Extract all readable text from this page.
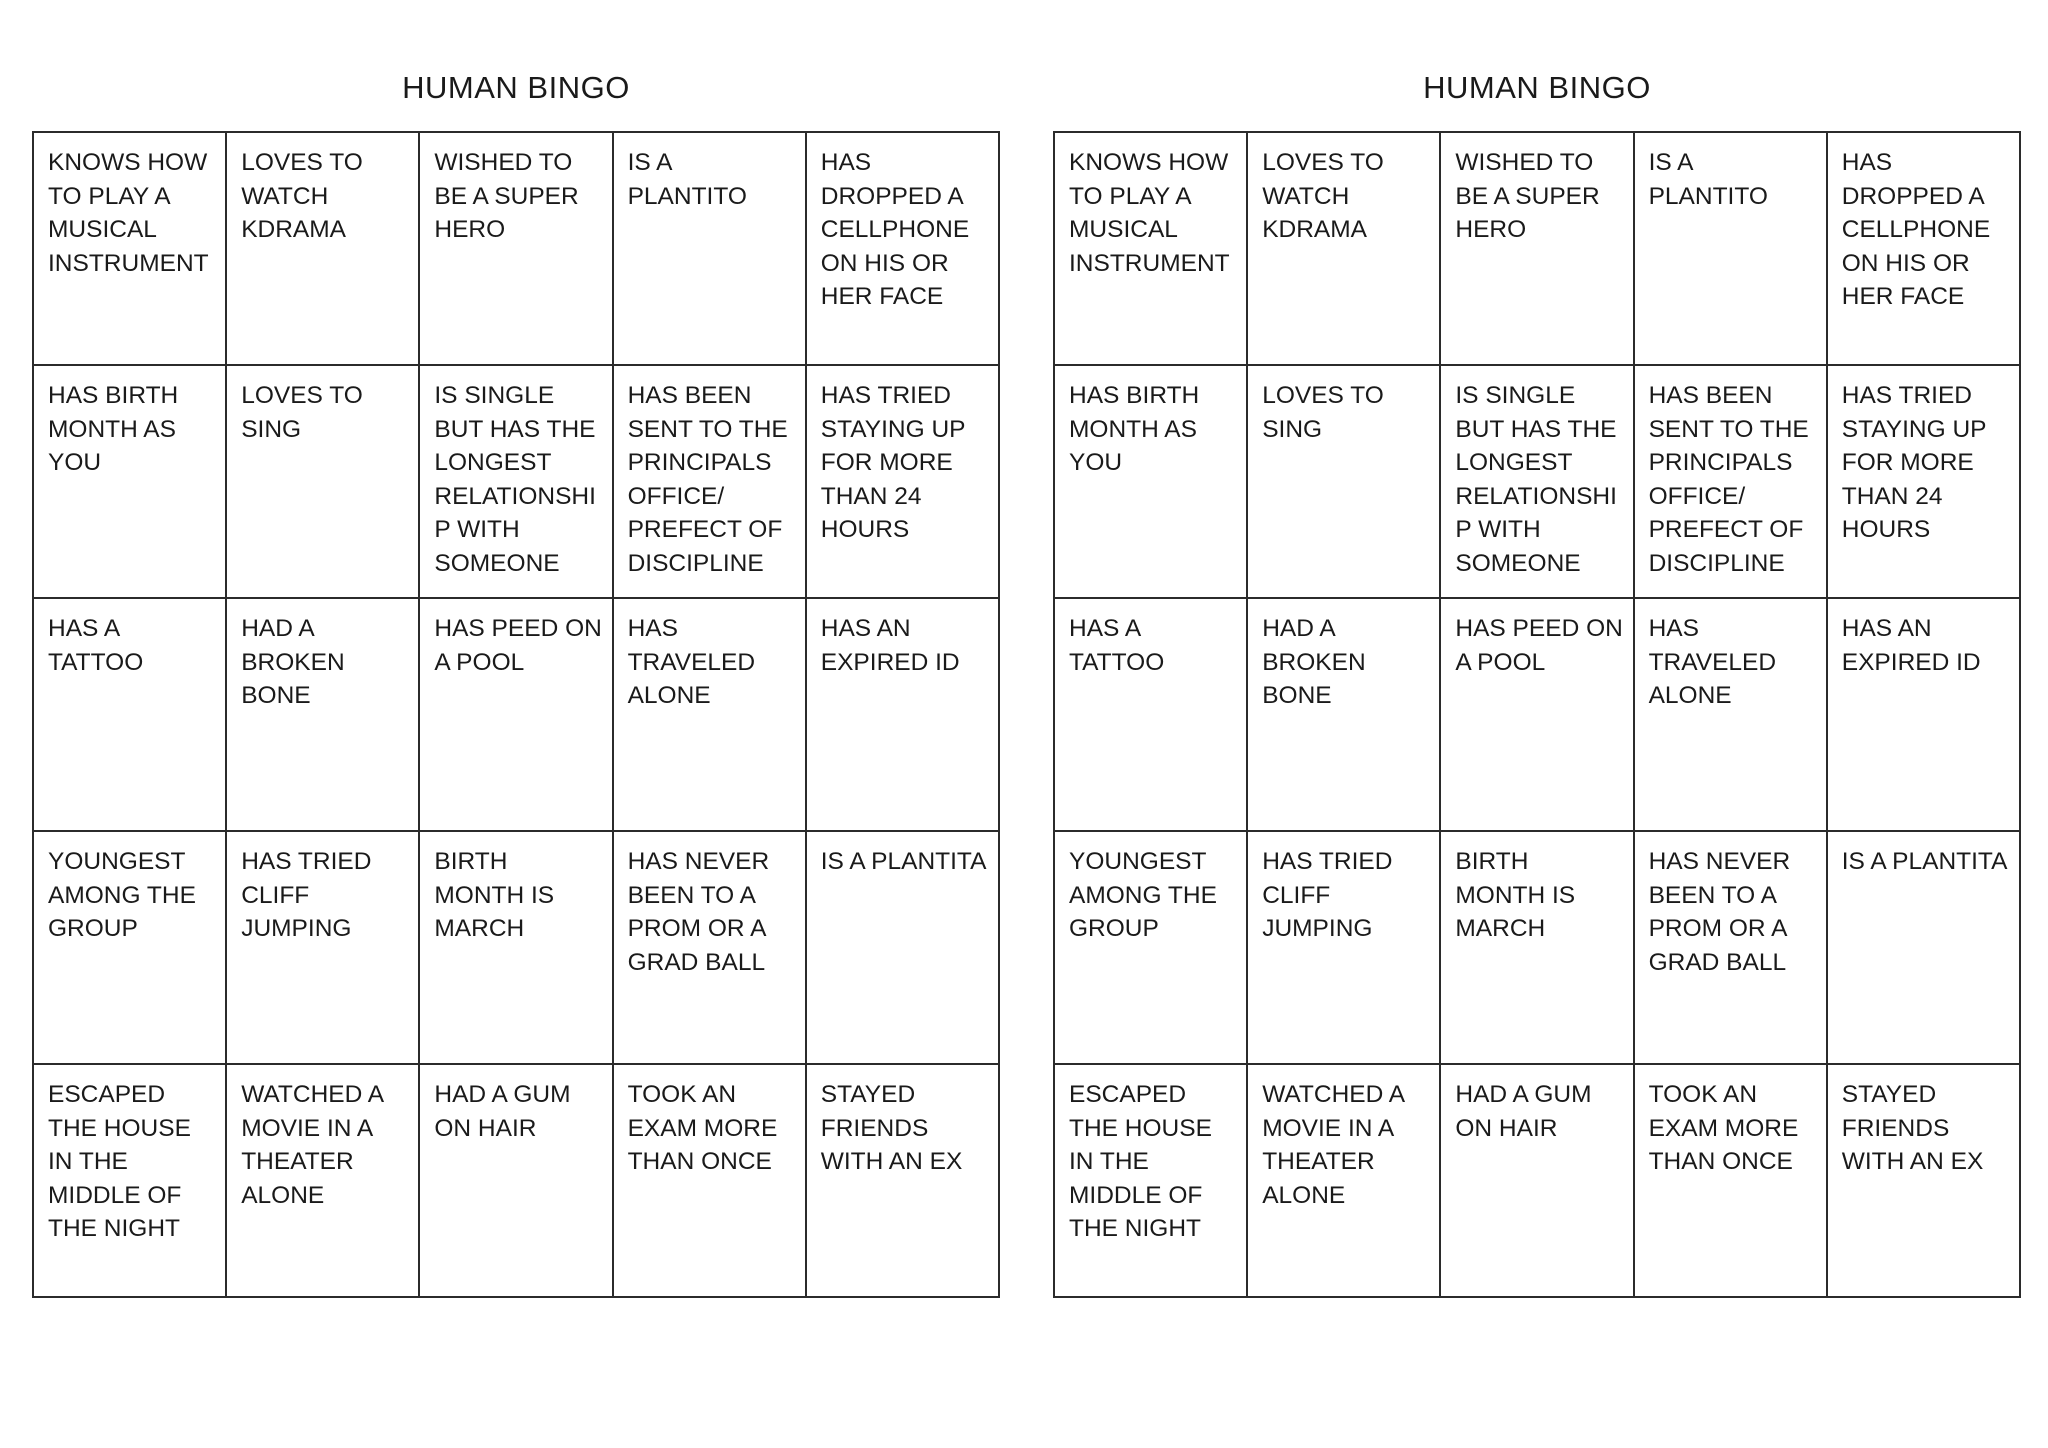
HUMAN BINGO
KNOWS HOW TO PLAY A MUSICAL INSTRUMENT	LOVES TO WATCH KDRAMA	WISHED TO BE A SUPER HERO	IS A PLANTITO	HAS DROPPED A CELLPHONE ON HIS OR HER FACE
HAS BIRTH MONTH AS YOU	LOVES TO SING	IS SINGLE BUT HAS THE LONGEST RELATIONSHIP WITH SOMEONE	HAS BEEN SENT TO THE PRINCIPALS OFFICE/ PREFECT OF DISCIPLINE	HAS TRIED STAYING UP FOR MORE THAN 24 HOURS
HAS A TATTOO	HAD A BROKEN BONE	HAS PEED ON A POOL	HAS TRAVELED ALONE	HAS AN EXPIRED ID
YOUNGEST AMONG THE GROUP	HAS TRIED CLIFF JUMPING	BIRTH MONTH IS MARCH	HAS NEVER BEEN TO A PROM OR A GRAD BALL	IS A PLANTITA
ESCAPED THE HOUSE IN THE MIDDLE OF THE NIGHT	WATCHED A MOVIE IN A THEATER ALONE	HAD A GUM ON HAIR	TOOK AN EXAM MORE THAN ONCE	STAYED FRIENDS WITH AN EX
HUMAN BINGO
KNOWS HOW TO PLAY A MUSICAL INSTRUMENT	LOVES TO WATCH KDRAMA	WISHED TO BE A SUPER HERO	IS A PLANTITO	HAS DROPPED A CELLPHONE ON HIS OR HER FACE
HAS BIRTH MONTH AS YOU	LOVES TO SING	IS SINGLE BUT HAS THE LONGEST RELATIONSHIP WITH SOMEONE	HAS BEEN SENT TO THE PRINCIPALS OFFICE/ PREFECT OF DISCIPLINE	HAS TRIED STAYING UP FOR MORE THAN 24 HOURS
HAS A TATTOO	HAD A BROKEN BONE	HAS PEED ON A POOL	HAS TRAVELED ALONE	HAS AN EXPIRED ID
YOUNGEST AMONG THE GROUP	HAS TRIED CLIFF JUMPING	BIRTH MONTH IS MARCH	HAS NEVER BEEN TO A PROM OR A GRAD BALL	IS A PLANTITA
ESCAPED THE HOUSE IN THE MIDDLE OF THE NIGHT	WATCHED A MOVIE IN A THEATER ALONE	HAD A GUM ON HAIR	TOOK AN EXAM MORE THAN ONCE	STAYED FRIENDS WITH AN EX
